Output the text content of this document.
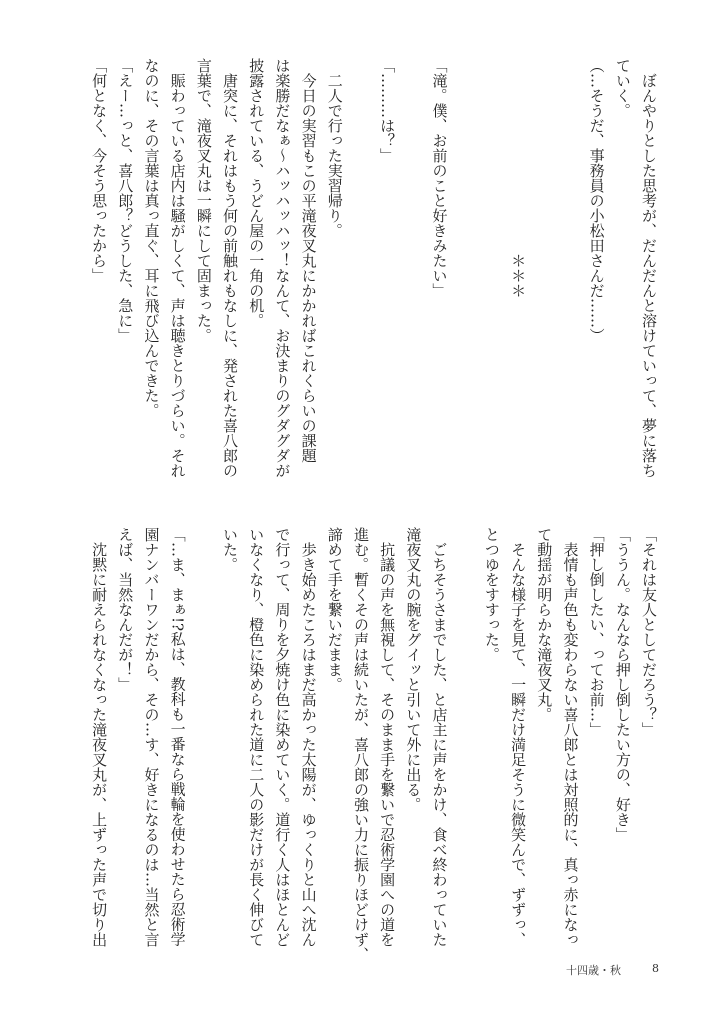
　ぼんやりとした思考が、だんだんと溶けていって、夢に落ち
ていく。
（…そうだ、事務員の小松田さんだ……）
＊＊＊
「滝。僕、お前のこと好きみたい」
「………は？」
　二人で行った実習帰り。
　今日の実習もこの平滝夜叉丸にかかればこれくらいの課題
は楽勝だなぁ～ハッハッハッ！なんて、お決まりのグダグダが
披露されている、うどん屋の一角の机。
　唐突に、それはもう何の前触れもなしに、発された喜八郎の
言葉で、滝夜叉丸は一瞬にして固まった。
　賑わっている店内は騒がしくて、声は聴きとりづらい。それ
なのに、その言葉は真っ直ぐ、耳に飛び込んできた。
「えー…っと、喜八郎？どうした、急に」
「何となく、今そう思ったから」
「それは友人としてだろう？」
「ううん。なんなら押し倒したい方の、好き」
「押し倒したい、ってお前…」
　表情も声色も変わらない喜八郎とは対照的に、真っ赤になっ
て動揺が明らかな滝夜叉丸。
　そんな様子を見て、一瞬だけ満足そうに微笑んで、ずずっ、
とつゆをすすった。
　ごちそうさまでした、と店主に声をかけ、食べ終わっていた
滝夜叉丸の腕をグイッと引いて外に出る。
　抗議の声を無視して、そのまま手を繋いで忍術学園への道を
進む。暫くその声は続いたが、喜八郎の強い力に振りほどけず、
諦めて手を繋いだまま。
　歩き始めたころはまだ高かった太陽が、ゆっくりと山へ沈ん
で行って、周りを夕焼け色に染めていく。道行く人はほとんど
いなくなり、橙色に染められた道に二人の影だけが長く伸びて
いた。
「…ま、まぁ!?私は、教科も一番なら戦輪を使わせたら忍術学
園ナンバーワンだから、その…す、好きになるのは…当然と言
えば、当然なんだが！」
　沈黙に耐えられなくなった滝夜叉丸が、上ずった声で切り出
十四歳・秋	8
